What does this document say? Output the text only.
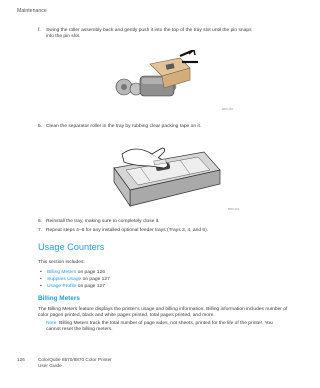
Maintenance
f. Swing the roller assembly back and gently push it into the top of the tray slot until the pin snaps into the pin slot.
8870-118
5. Clean the separator roller in the tray by rubbing clear packing tape on it.
8870-101
6. Reinstall the tray, making sure to completely close it.
7. Repeat steps 4–6 for any installed optional feeder trays (Trays 3, 4, and 5).
Usage Counters
This section includes:
• Billing Meters on page 126
• Supplies Usage on page 127
• Usage Profile on page 127
Billing Meters
The Billing Meters feature displays the printer’s usage and billing information. Billing information includes number of color pages printed, black and white pages printed, total pages printed, and more.
Note: Billing Meters track the total number of page sides, not sheets, printed for the life of the printer. You cannot reset the billing meters.
126	ColorQube 8570/8870 Color Printer
User Guide
